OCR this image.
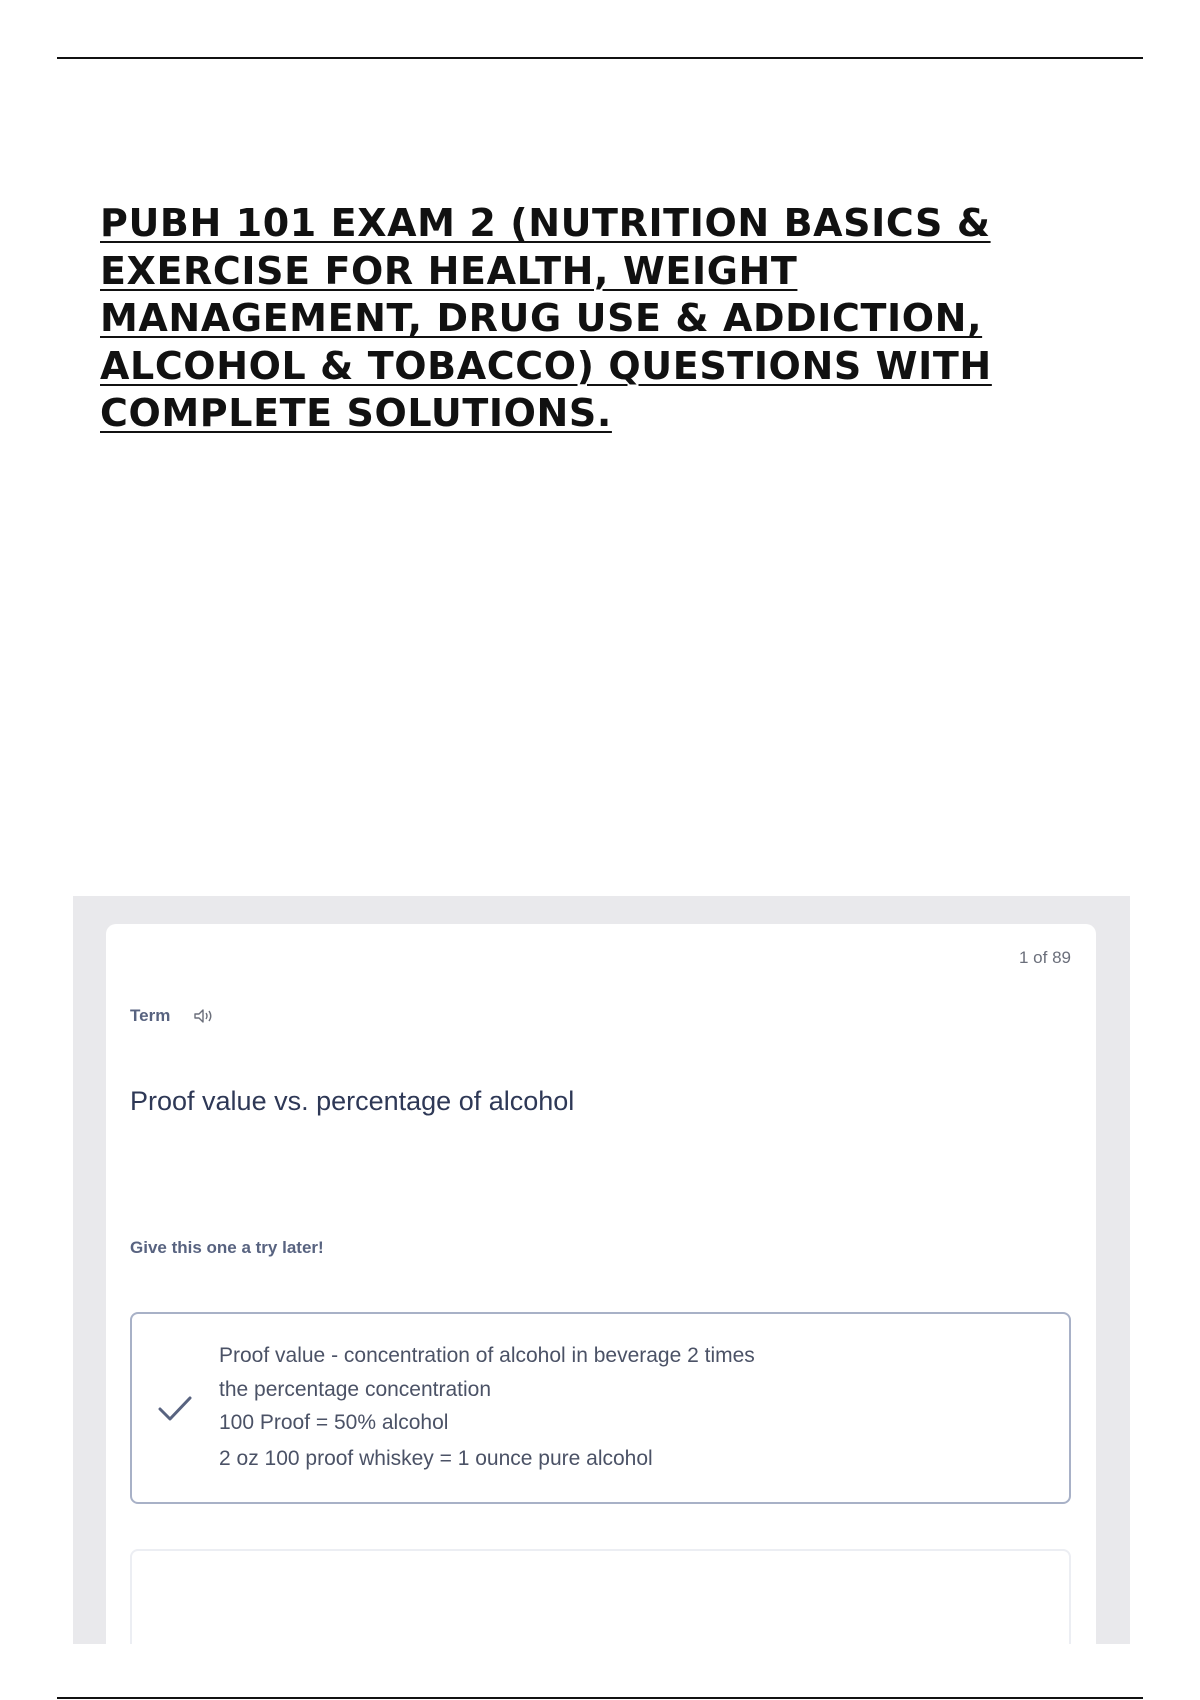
PUBH 101 EXAM 2 (NUTRITION BASICS & EXERCISE FOR HEALTH, WEIGHT MANAGEMENT, DRUG USE & ADDICTION, ALCOHOL & TOBACCO) QUESTIONS WITH COMPLETE SOLUTIONS.
1 of 89
Term
Proof value vs. percentage of alcohol
Give this one a try later!
Proof value - concentration of alcohol in beverage 2 times
the percentage concentration
100 Proof = 50% alcohol
2 oz 100 proof whiskey = 1 ounce pure alcohol
